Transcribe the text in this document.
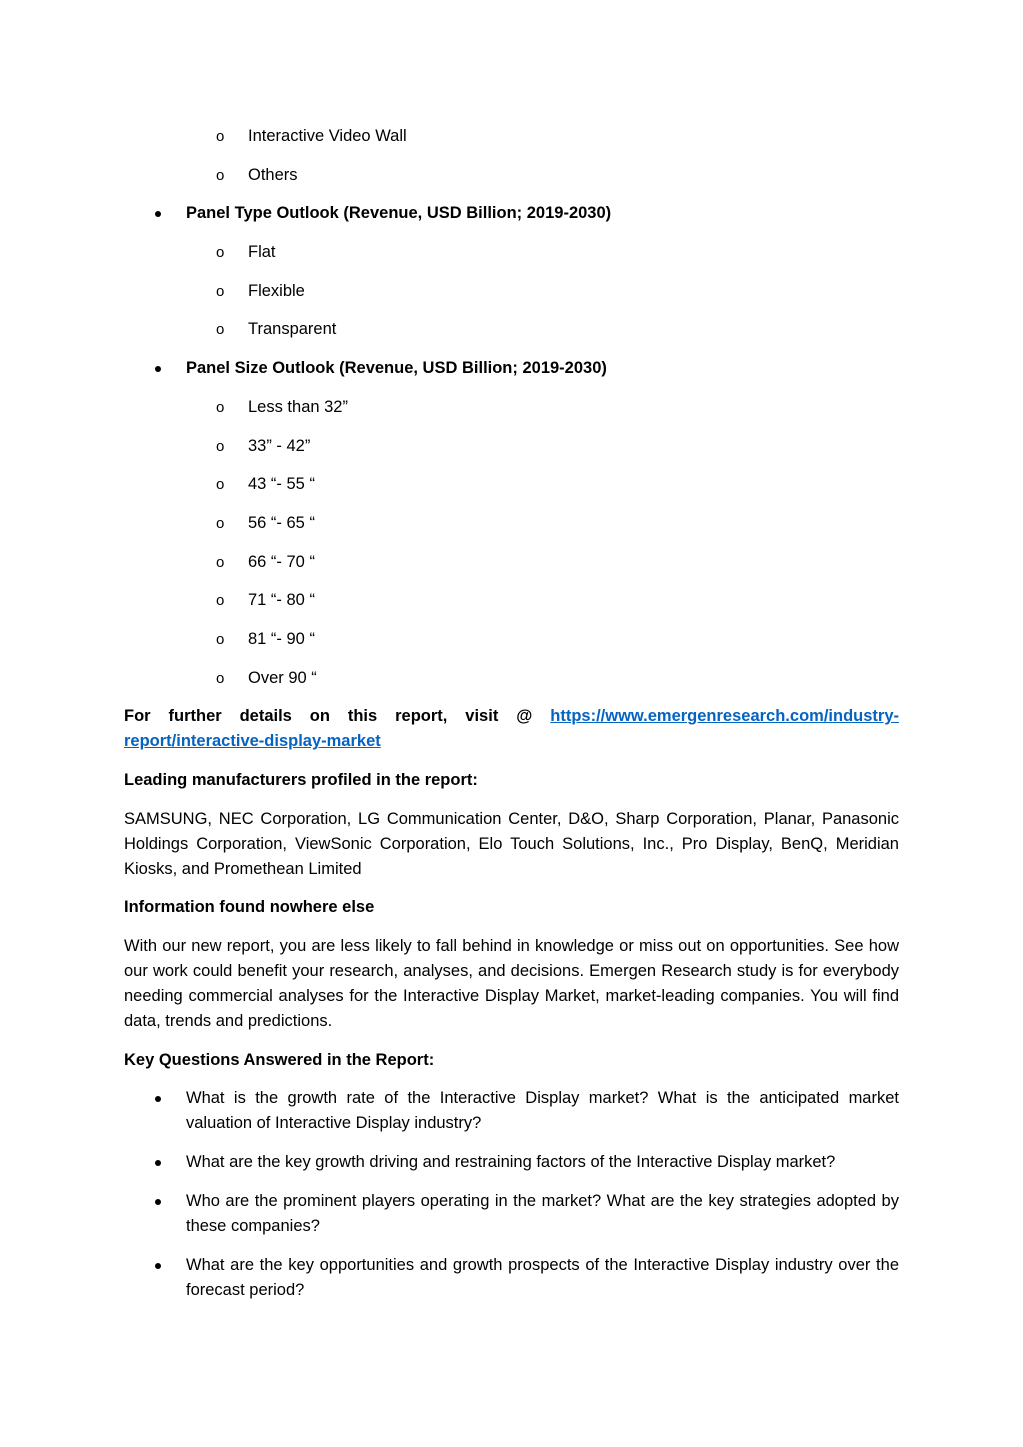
o Interactive Video Wall
o Others
Panel Type Outlook (Revenue, USD Billion; 2019-2030)
o Flat
o Flexible
o Transparent
Panel Size Outlook (Revenue, USD Billion; 2019-2030)
o Less than 32”
o 33” - 42”
o 43 “- 55 “
o 56 “- 65 “
o 66 “- 70 “
o 71 “- 80 “
o 81 “- 90 “
o Over 90 “
For further details on this report, visit @ https://www.emergenresearch.com/industry-
report/interactive-display-market
Leading manufacturers profiled in the report:
SAMSUNG, NEC Corporation, LG Communication Center, D&O, Sharp Corporation, Planar, Panasonic Holdings Corporation, ViewSonic Corporation, Elo Touch Solutions, Inc., Pro Display, BenQ, Meridian Kiosks, and Promethean Limited
Information found nowhere else
With our new report, you are less likely to fall behind in knowledge or miss out on opportunities. See how our work could benefit your research, analyses, and decisions. Emergen Research study is for everybody needing commercial analyses for the Interactive Display Market, market-leading companies. You will find data, trends and predictions.
Key Questions Answered in the Report:
What is the growth rate of the Interactive Display market? What is the anticipated market valuation of Interactive Display industry?
What are the key growth driving and restraining factors of the Interactive Display market?
Who are the prominent players operating in the market? What are the key strategies adopted by these companies?
What are the key opportunities and growth prospects of the Interactive Display industry over the forecast period?
